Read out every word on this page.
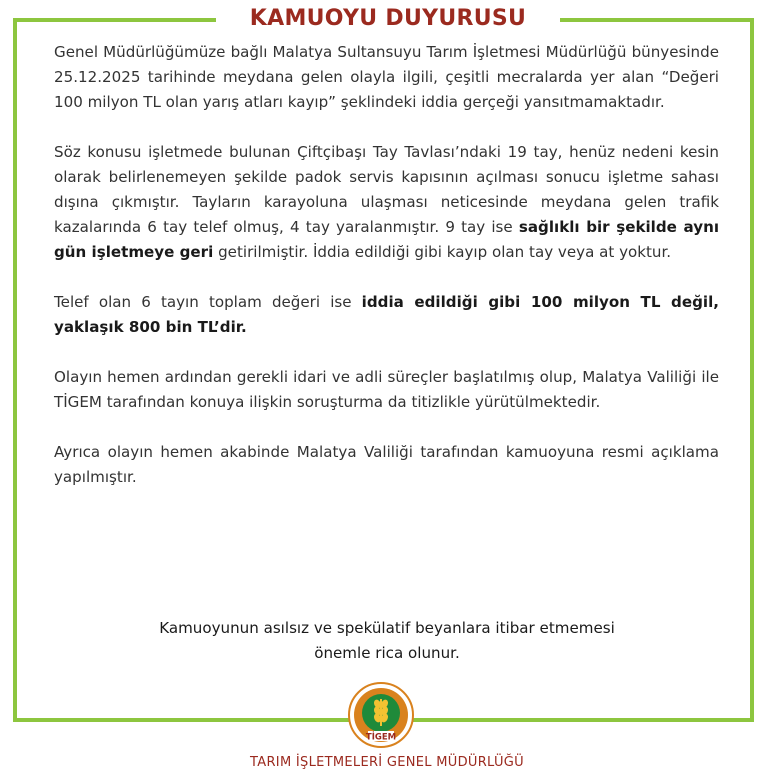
KAMUOYU DUYURUSU

Genel Müdürlüğümüze bağlı Malatya Sultansuyu Tarım İşletmesi Müdürlüğü bünyesinde 25.12.2025 tarihinde meydana gelen olayla ilgili, çeşitli mecralarda yer alan “Değeri 100 milyon TL olan yarış atları kayıp” şeklindeki iddia gerçeği yansıtmamaktadır.

Söz konusu işletmede bulunan Çiftçibaşı Tay Tavlası’ndaki 19 tay, henüz nedeni kesin olarak belirlenemeyen şekilde padok servis kapısının açılması sonucu işletme sahası dışına çıkmıştır. Tayların karayoluna ulaşması neticesinde meydana gelen trafik kazalarında 6 tay telef olmuş, 4 tay yaralanmıştır. 9 tay ise sağlıklı bir şekilde aynı gün işletmeye geri getirilmiştir. İddia edildiği gibi kayıp olan tay veya at yoktur.

Telef olan 6 tayın toplam değeri ise iddia edildiği gibi 100 milyon TL değil, yaklaşık 800 bin TL’dir.

Olayın hemen ardından gerekli idari ve adli süreçler başlatılmış olup, Malatya Valiliği ile TİGEM tarafından konuya ilişkin soruşturma da titizlikle yürütülmektedir.

Ayrıca olayın hemen akabinde Malatya Valiliği tarafından kamuoyuna resmi açıklama yapılmıştır.

Kamuoyunun asılsız ve spekülatif beyanlara itibar etmemesi
önemle rica olunur.
TİGEM
TARIM İŞLETMELERİ GENEL MÜDÜRLÜĞÜ
